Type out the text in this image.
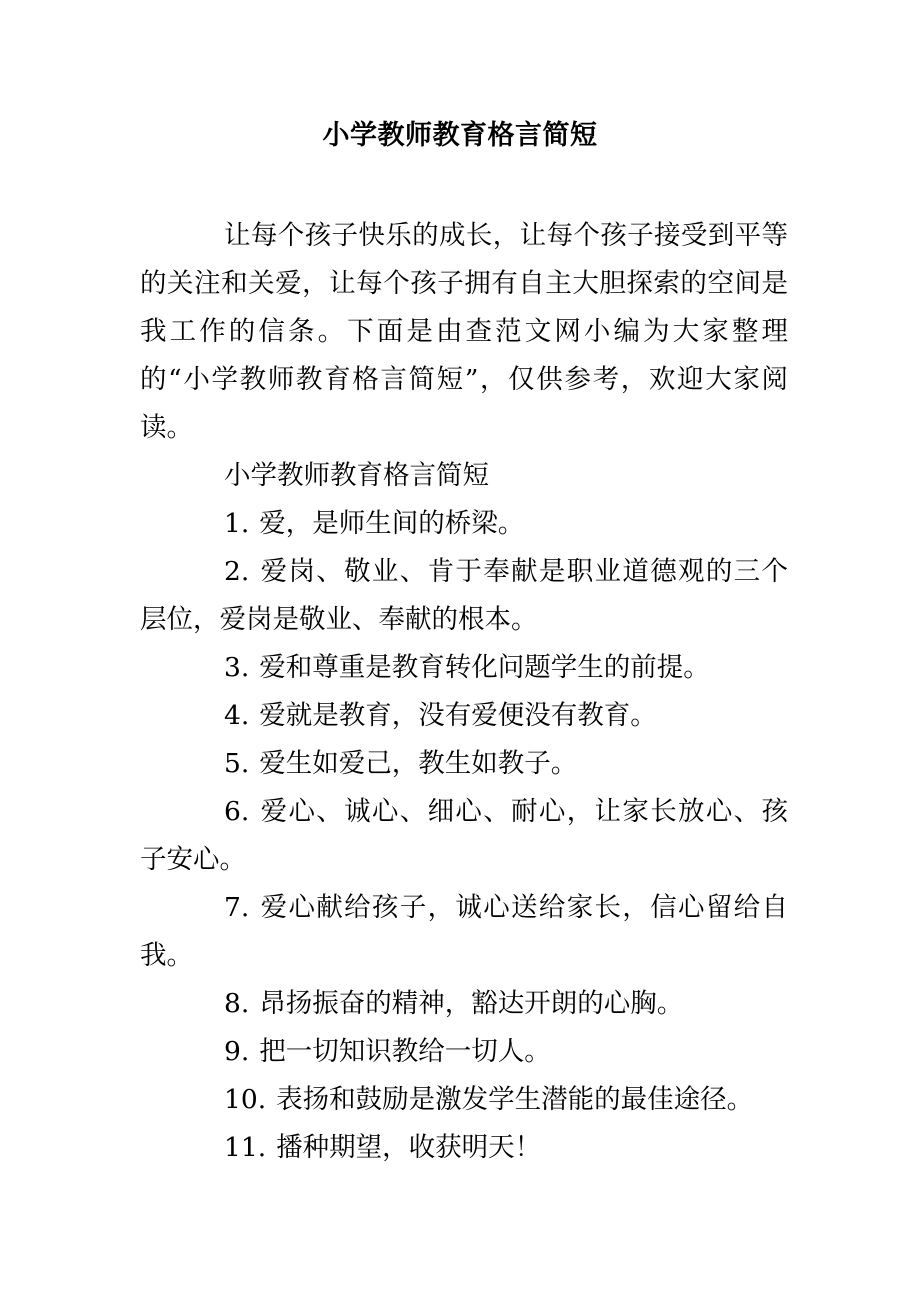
小学教师教育格言简短

让每个孩子快乐的成长，让每个孩子接受到平等的关注和关爱，让每个孩子拥有自主大胆探索的空间是我工作的信条。下面是由查范文网小编为大家整理的“小学教师教育格言简短”，仅供参考，欢迎大家阅读。

小学教师教育格言简短

1. 爱，是师生间的桥梁。

2. 爱岗、敬业、肯于奉献是职业道德观的三个层位，爱岗是敬业、奉献的根本。

3. 爱和尊重是教育转化问题学生的前提。

4. 爱就是教育，没有爱便没有教育。

5. 爱生如爱己，教生如教子。

6. 爱心、诚心、细心、耐心，让家长放心、孩子安心。

7. 爱心献给孩子，诚心送给家长，信心留给自我。

8. 昂扬振奋的精神，豁达开朗的心胸。

9. 把一切知识教给一切人。

10. 表扬和鼓励是激发学生潜能的最佳途径。

11. 播种期望，收获明天！
